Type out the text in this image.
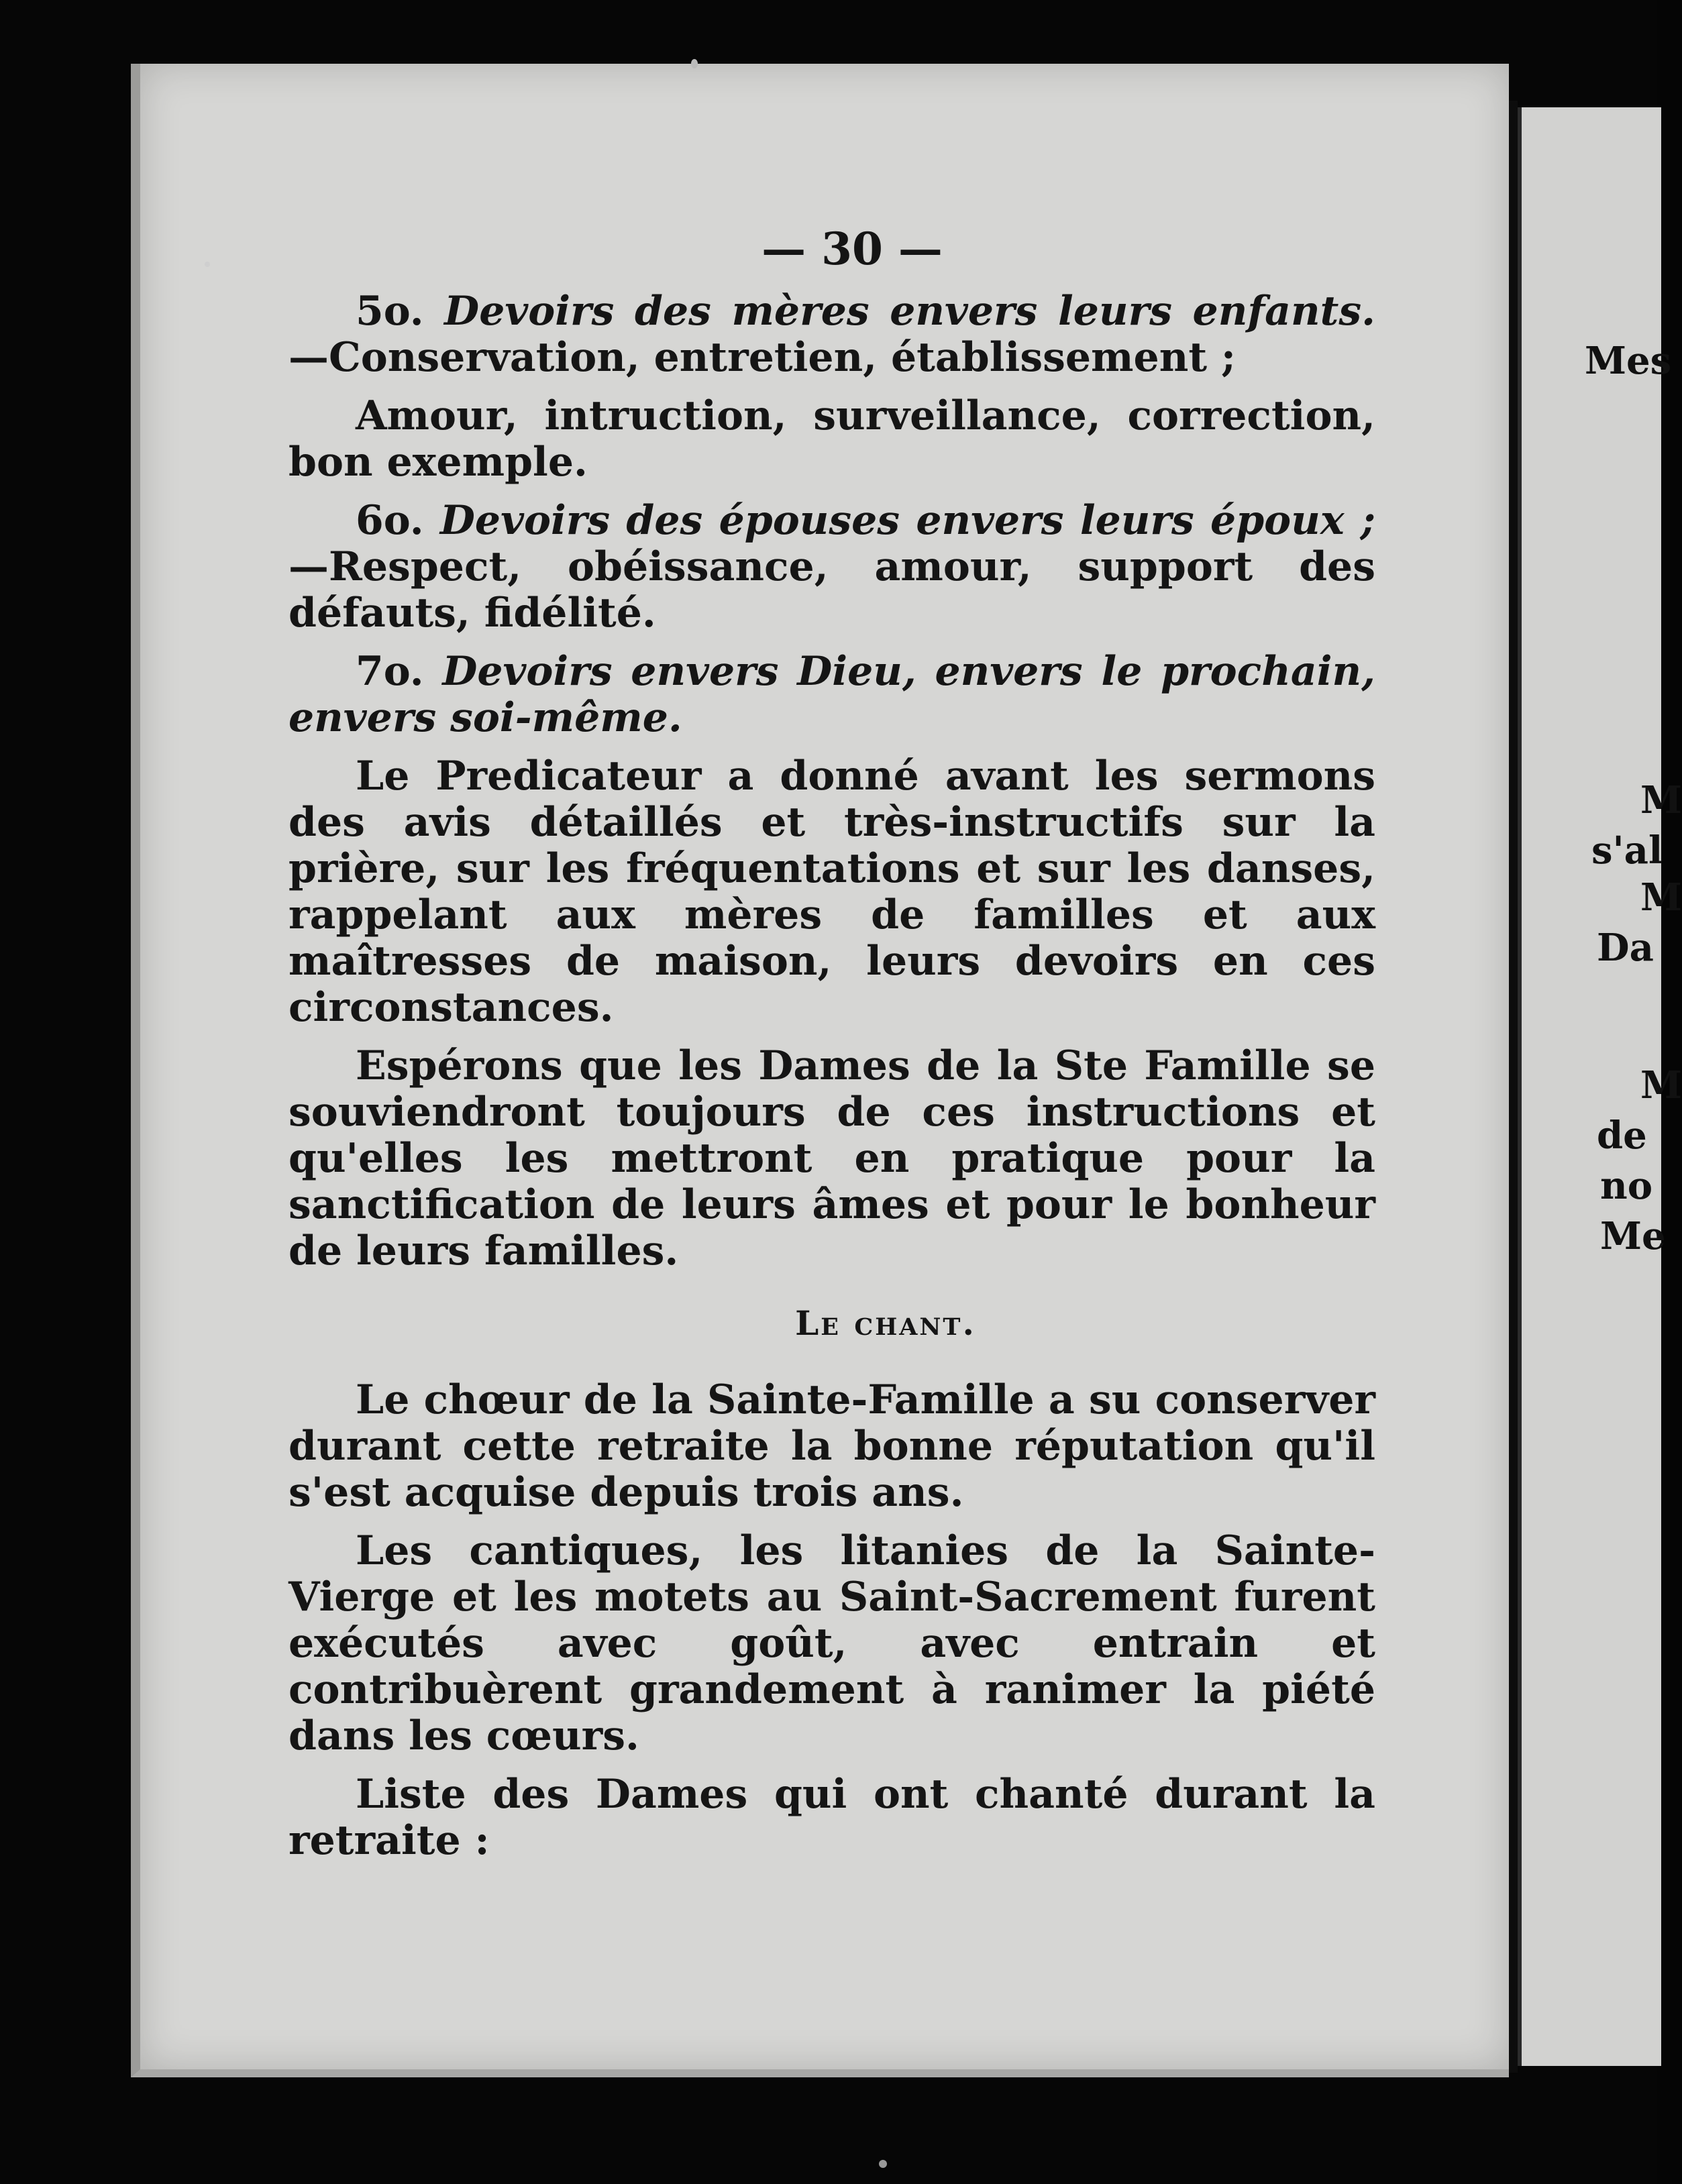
Mes
M
s'al
M
Da
M
de
no
Me
— 30 —

5o. Devoirs des mères envers leurs enfants.—Conservation, entretien, établissement ;

Amour, intruction, surveillance, correction, bon exemple.

6o. Devoirs des épouses envers leurs époux ;—Respect, obéissance, amour, support des défauts, fidélité.

7o. Devoirs envers Dieu, envers le prochain, envers soi-même.

Le Predicateur a donné avant les sermons des avis détaillés et très-instructifs sur la prière, sur les fréquentations et sur les danses, rappelant aux mères de familles et aux maîtresses de maison, leurs devoirs en ces circonstances.

Espérons que les Dames de la Ste Famille se souviendront toujours de ces instructions et qu'elles les mettront en pratique pour la sanctification de leurs âmes et pour le bonheur de leurs familles.

Le chant.

Le chœur de la Sainte-Famille a su conserver durant cette retraite la bonne réputation qu'il s'est acquise depuis trois ans.

Les cantiques, les litanies de la Sainte-Vierge et les motets au Saint-Sacrement furent exécutés avec goût, avec entrain et contribuèrent grandement à ranimer la piété dans les cœurs.

Liste des Dames qui ont chanté durant la retraite :
